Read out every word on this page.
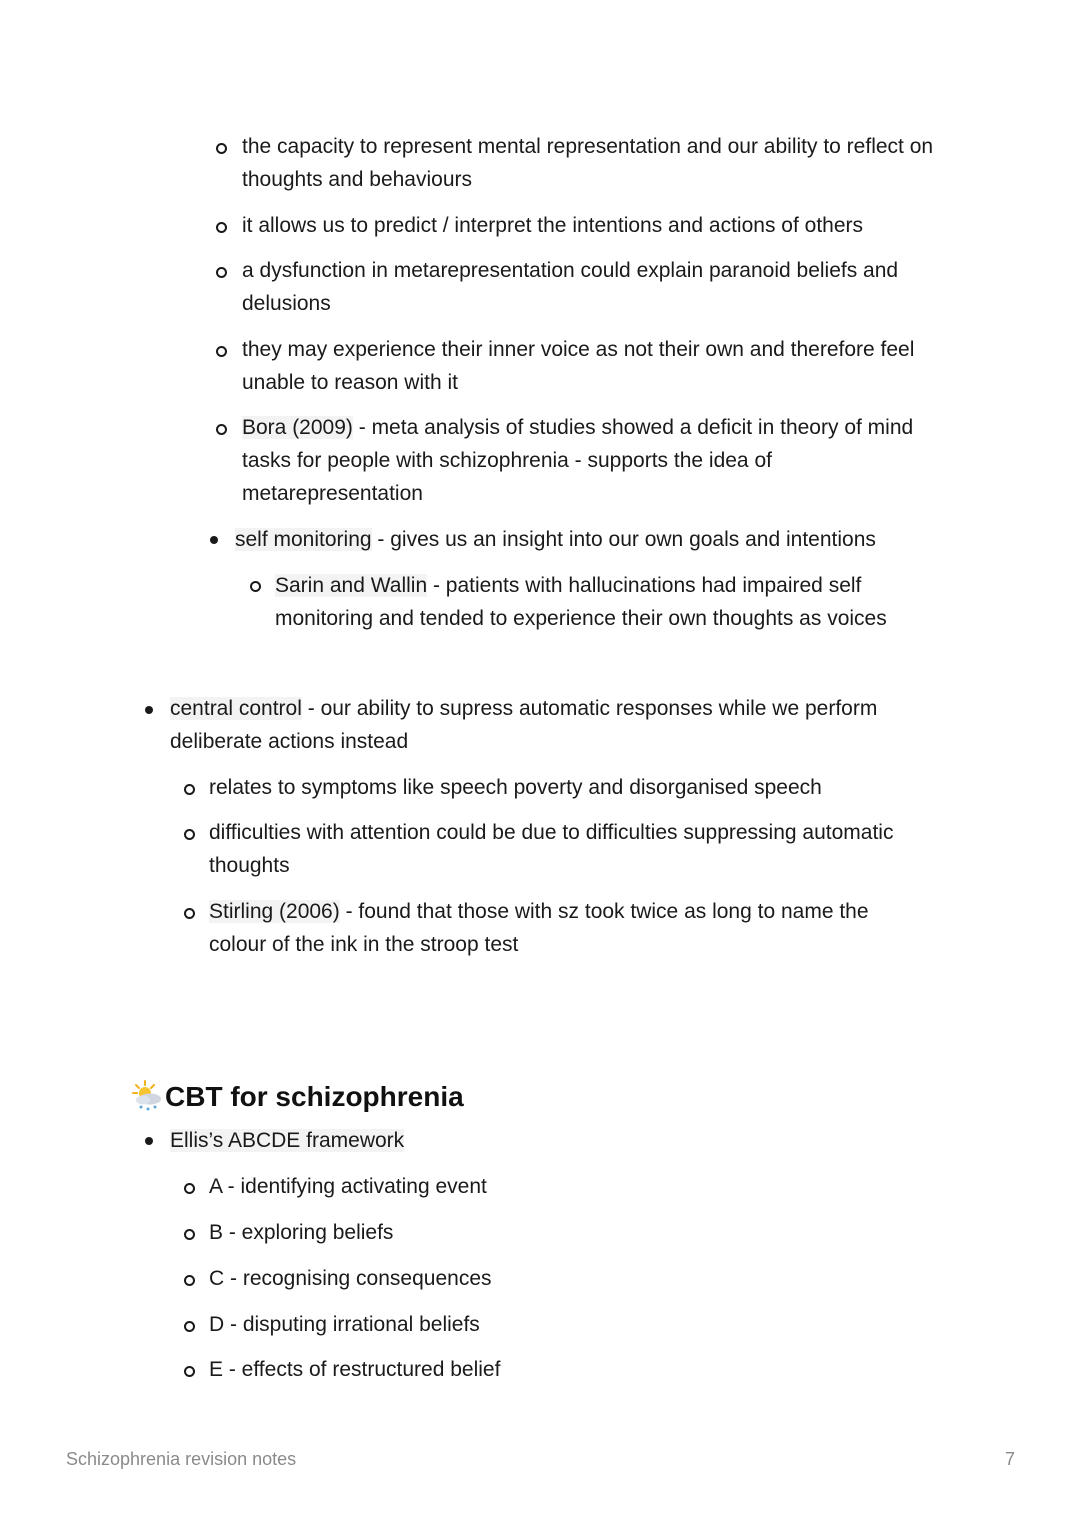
the capacity to represent mental representation and our ability to reflect on thoughts and behaviours
it allows us to predict / interpret the intentions and actions of others
a dysfunction in metarepresentation could explain paranoid beliefs and delusions
they may experience their inner voice as not their own and therefore feel unable to reason with it
Bora (2009) - meta analysis of studies showed a deficit in theory of mind tasks for people with schizophrenia - supports the idea of metarepresentation
self monitoring - gives us an insight into our own goals and intentions
Sarin and Wallin - patients with hallucinations had impaired self monitoring and tended to experience their own thoughts as voices
central control - our ability to supress automatic responses while we perform deliberate actions instead
relates to symptoms like speech poverty and disorganised speech
difficulties with attention could be due to difficulties suppressing automatic thoughts
Stirling (2006) - found that those with sz took twice as long to name the colour of the ink in the stroop test
CBT for schizophrenia
Ellis’s ABCDE framework
A - identifying activating event
B - exploring beliefs
C - recognising consequences
D - disputing irrational beliefs
E - effects of restructured belief
Schizophrenia revision notes	7
